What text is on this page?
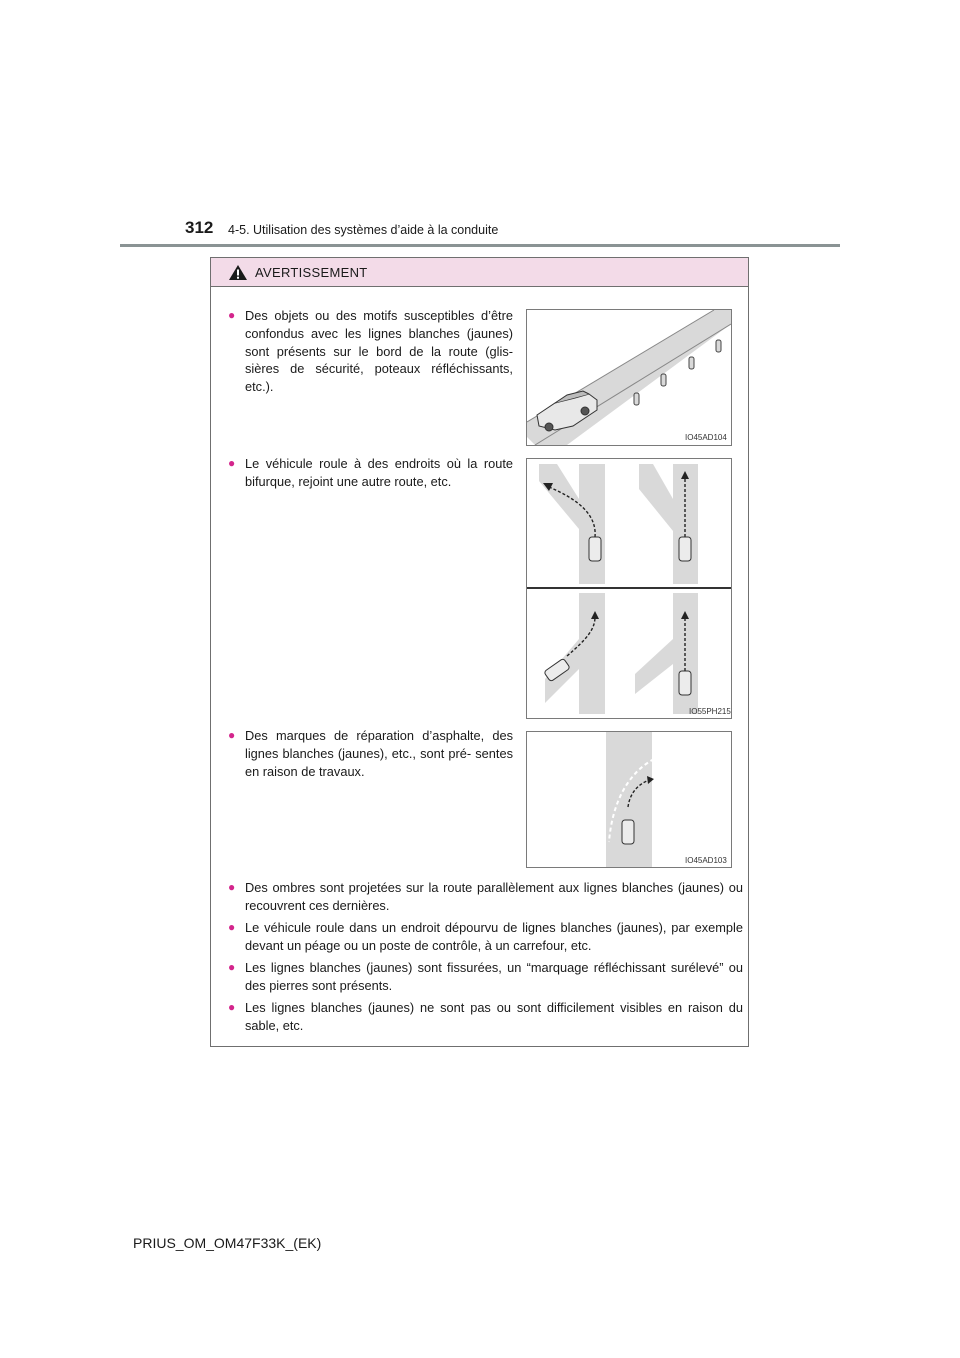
312 4-5. Utilisation des systèmes d’aide à la conduite
AVERTISSEMENT
● Des objets ou des motifs susceptibles d’être confondus avec les lignes blanches (jaunes) sont présents sur le bord de la route (glis- sières de sécurité, poteaux réfléchissants, etc.).
IO45AD104
● Le véhicule roule à des endroits où la route bifurque, rejoint une autre route, etc.
IO55PH215
● Des marques de réparation d’asphalte, des lignes blanches (jaunes), etc., sont pré- sentes en raison de travaux.
IO45AD103
● Des ombres sont projetées sur la route parallèlement aux lignes blanches (jaunes) ou recouvrent ces dernières.
● Le véhicule roule dans un endroit dépourvu de lignes blanches (jaunes), par exemple devant un péage ou un poste de contrôle, à un carrefour, etc.
● Les lignes blanches (jaunes) sont fissurées, un “marquage réfléchissant surélevé” ou des pierres sont présents.
● Les lignes blanches (jaunes) ne sont pas ou sont difficilement visibles en raison du sable, etc.
PRIUS_OM_OM47F33K_(EK)
